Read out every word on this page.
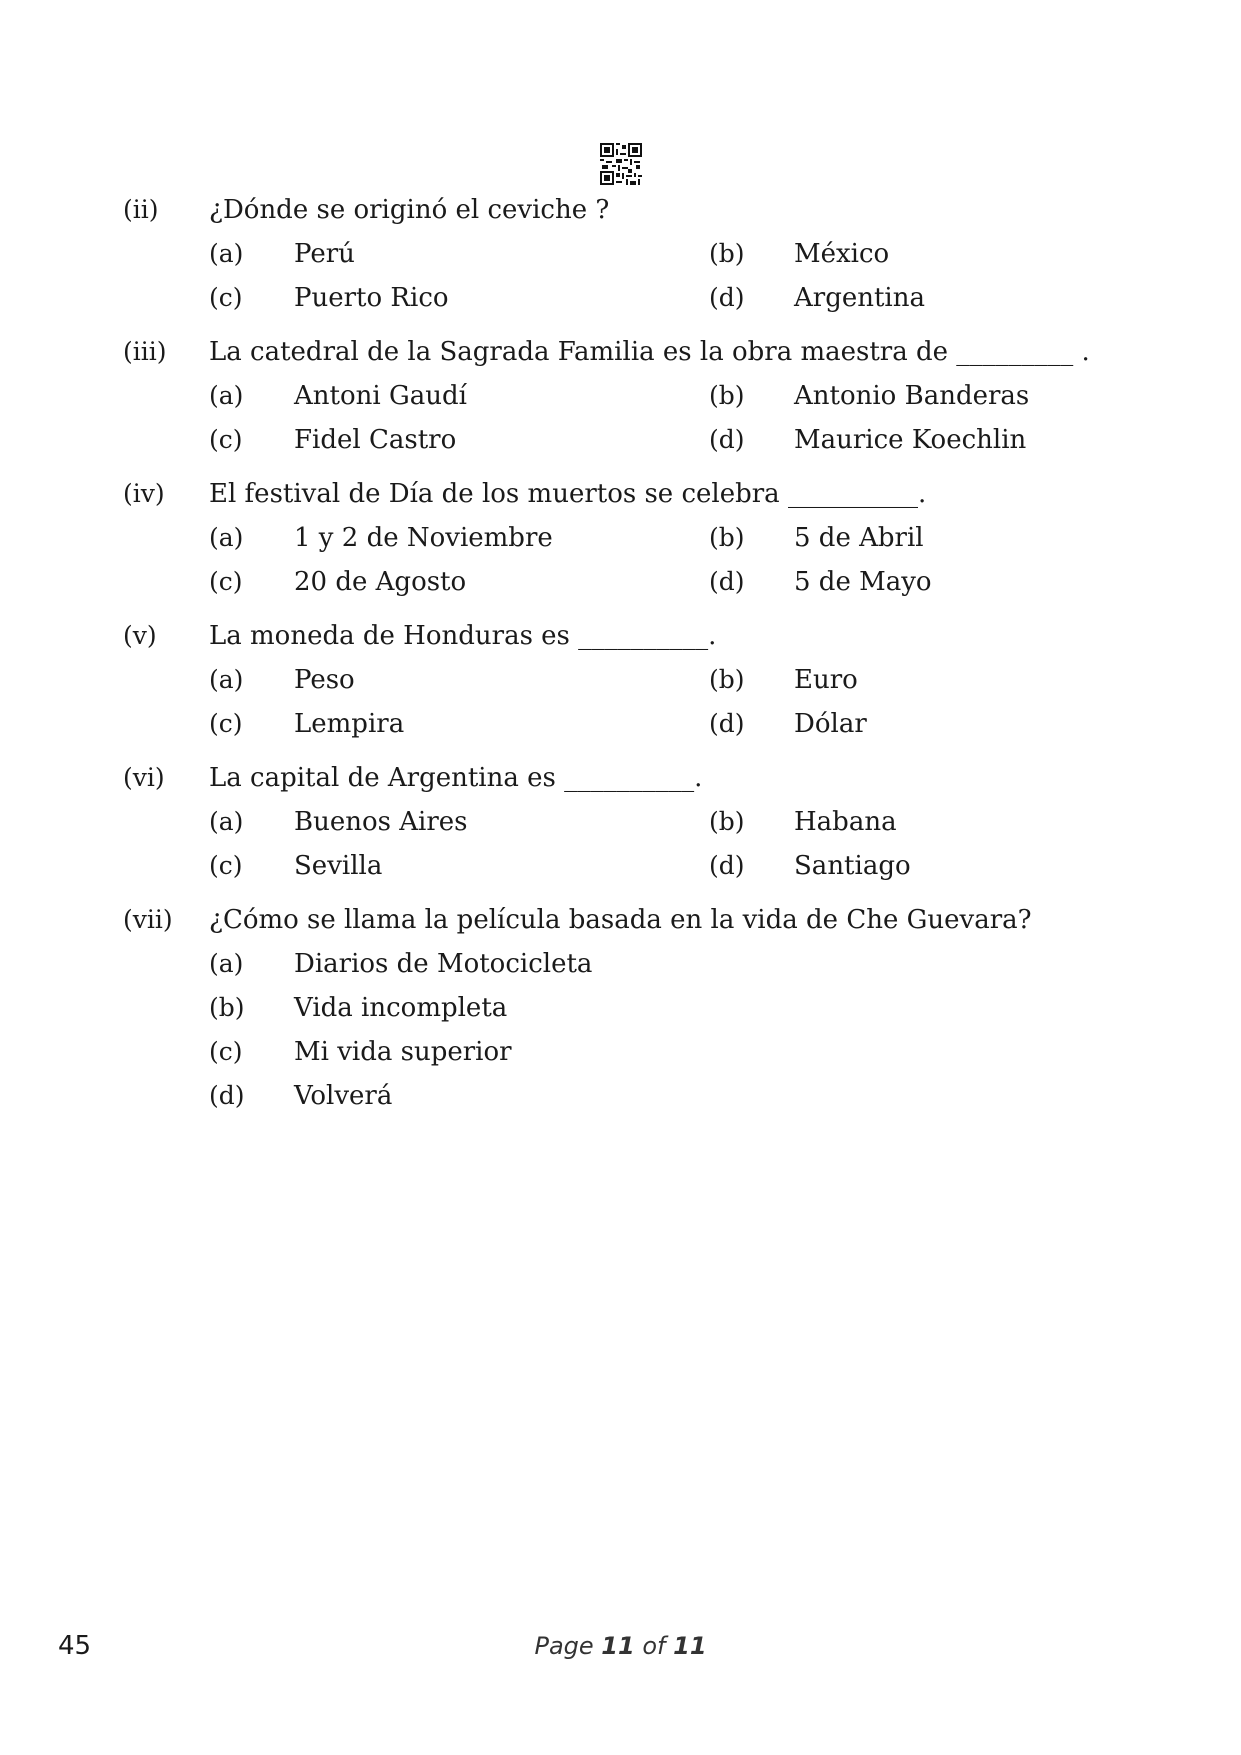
(ii) ¿Dónde se originó el ceviche ?
(a) Perú	(b) México
(c) Puerto Rico	(d) Argentina
(iii) La catedral de la Sagrada Familia es la obra maestra de _________ .
(a) Antoni Gaudí	(b) Antonio Banderas
(c) Fidel Castro	(d) Maurice Koechlin
(iv) El festival de Día de los muertos se celebra __________.
(a) 1 y 2 de Noviembre	(b) 5 de Abril
(c) 20 de Agosto	(d) 5 de Mayo
(v) La moneda de Honduras es __________.
(a) Peso	(b) Euro
(c) Lempira	(d) Dólar
(vi) La capital de Argentina es __________.
(a) Buenos Aires	(b) Habana
(c) Sevilla	(d) Santiago
(vii) ¿Cómo se llama la película basada en la vida de Che Guevara?
(a) Diarios de Motocicleta
(b) Vida incompleta
(c) Mi vida superior
(d) Volverá
45	Page 11 of 11
